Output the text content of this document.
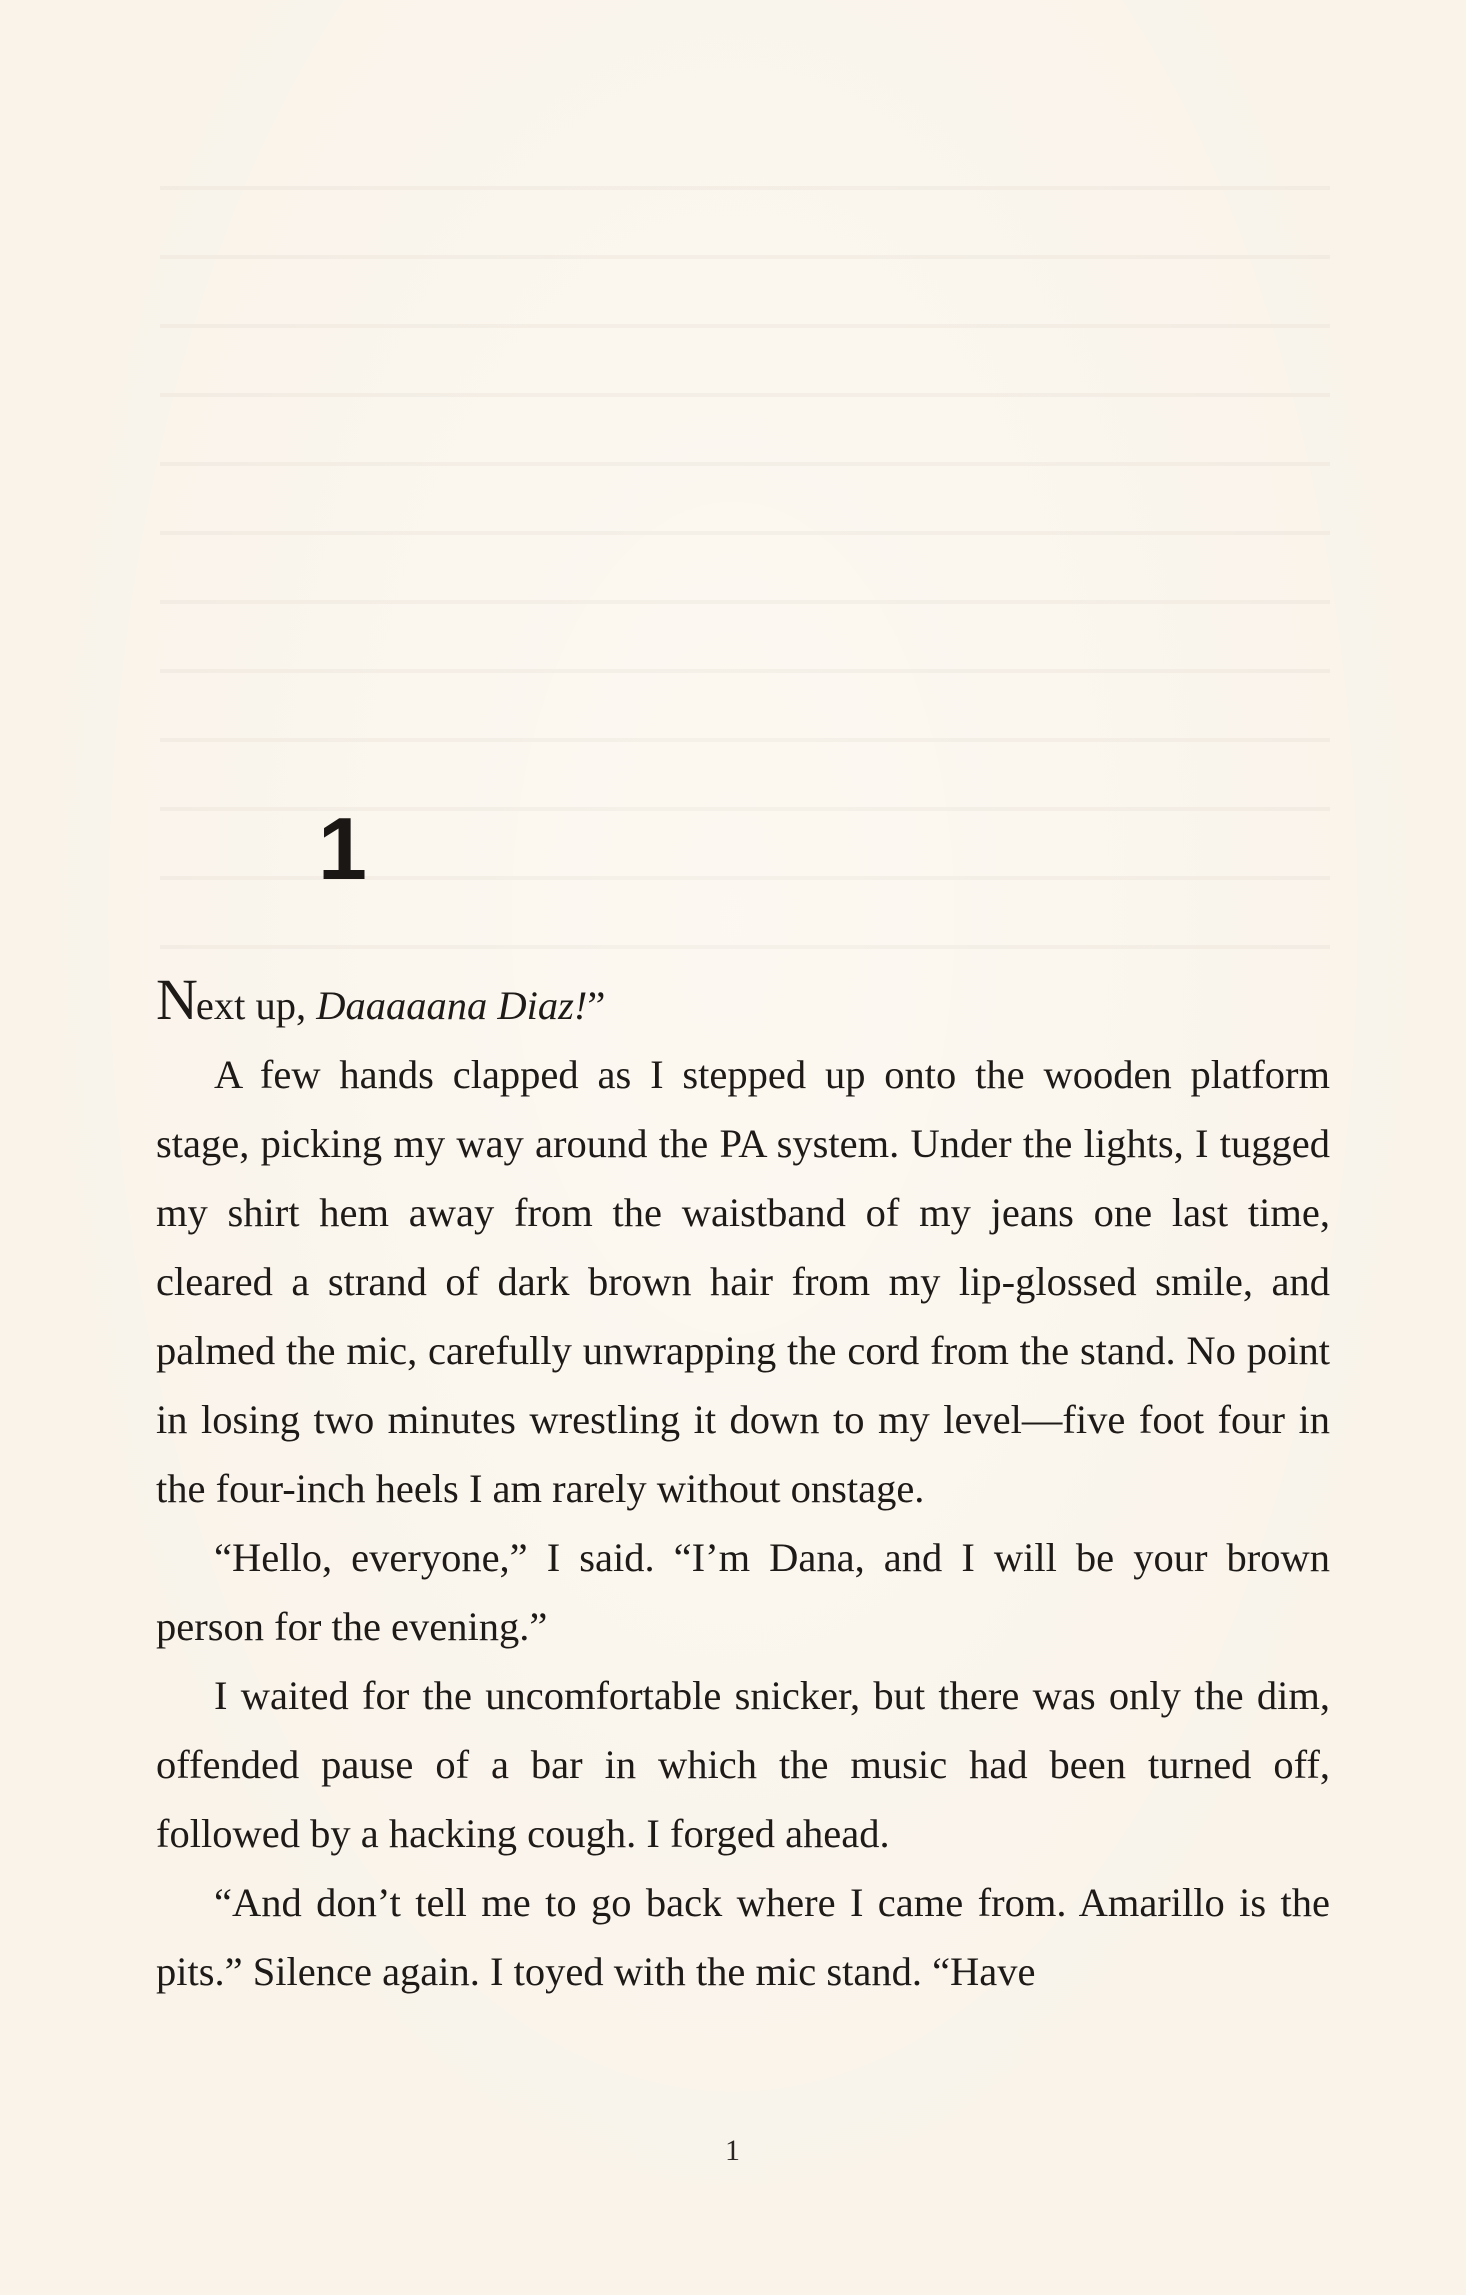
1

Next up, Daaaaana Diaz!”

A few hands clapped as I stepped up onto the wooden platform stage, picking my way around the PA system. Under the lights, I tugged my shirt hem away from the waistband of my jeans one last time, cleared a strand of dark brown hair from my lip-glossed smile, and palmed the mic, carefully unwrapping the cord from the stand. No point in losing two minutes wrestling it down to my level—five foot four in the four-inch heels I am rarely without onstage.

“Hello, everyone,” I said. “I’m Dana, and I will be your brown person for the evening.”

I waited for the uncomfortable snicker, but there was only the dim, offended pause of a bar in which the music had been turned off, followed by a hacking cough. I forged ahead.

“And don’t tell me to go back where I came from. Amarillo is the pits.” Silence again. I toyed with the mic stand. “Have

1
